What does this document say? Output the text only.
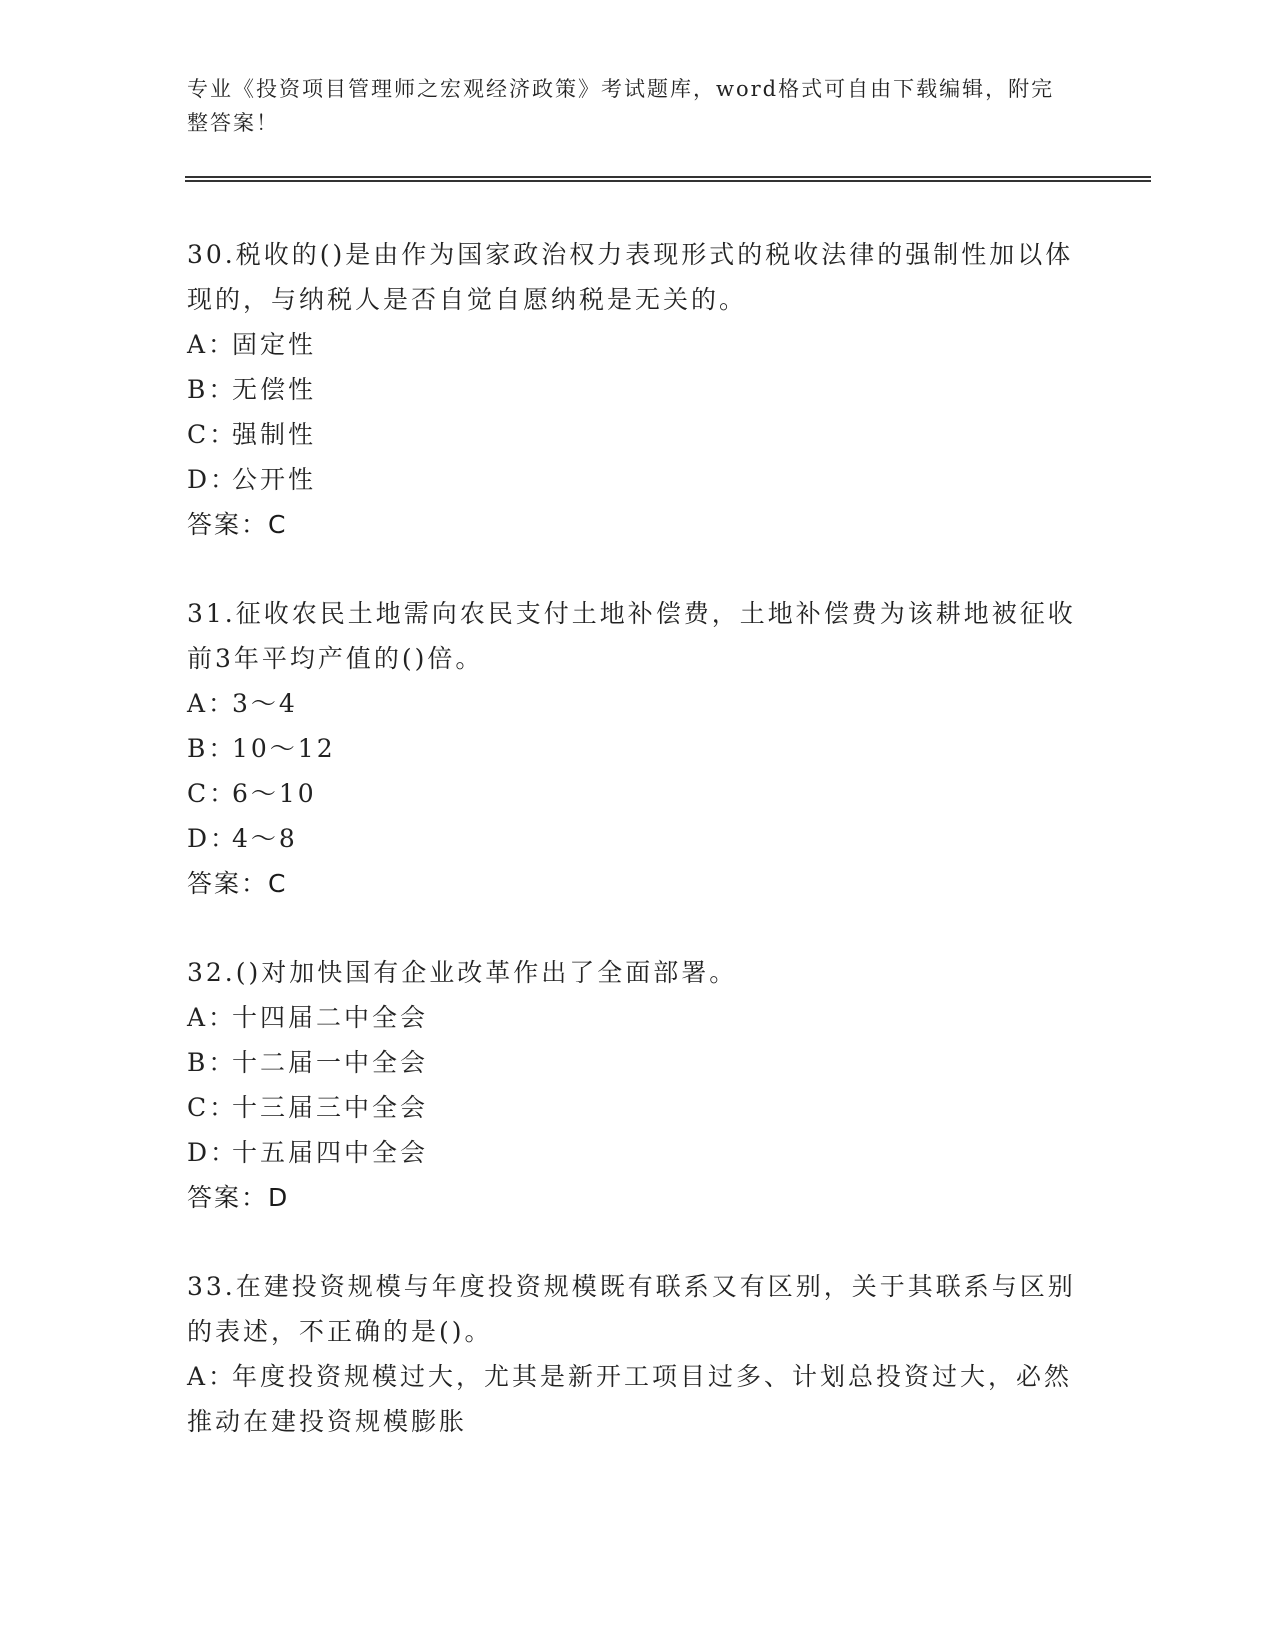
专业《投资项目管理师之宏观经济政策》考试题库，word格式可自由下载编辑，附完整答案！

30.税收的()是由作为国家政治权力表现形式的税收法律的强制性加以体现的，与纳税人是否自觉自愿纳税是无关的。

A：固定性

B：无偿性

C：强制性

D：公开性

答案：C

31.征收农民土地需向农民支付土地补偿费，土地补偿费为该耕地被征收前3年平均产值的()倍。

A：3～4

B：10～12

C：6～10

D：4～8

答案：C

32.()对加快国有企业改革作出了全面部署。

A：十四届二中全会

B：十二届一中全会

C：十三届三中全会

D：十五届四中全会

答案：D

33.在建投资规模与年度投资规模既有联系又有区别，关于其联系与区别的表述，不正确的是()。

A：年度投资规模过大，尤其是新开工项目过多、计划总投资过大，必然推动在建投资规模膨胀
